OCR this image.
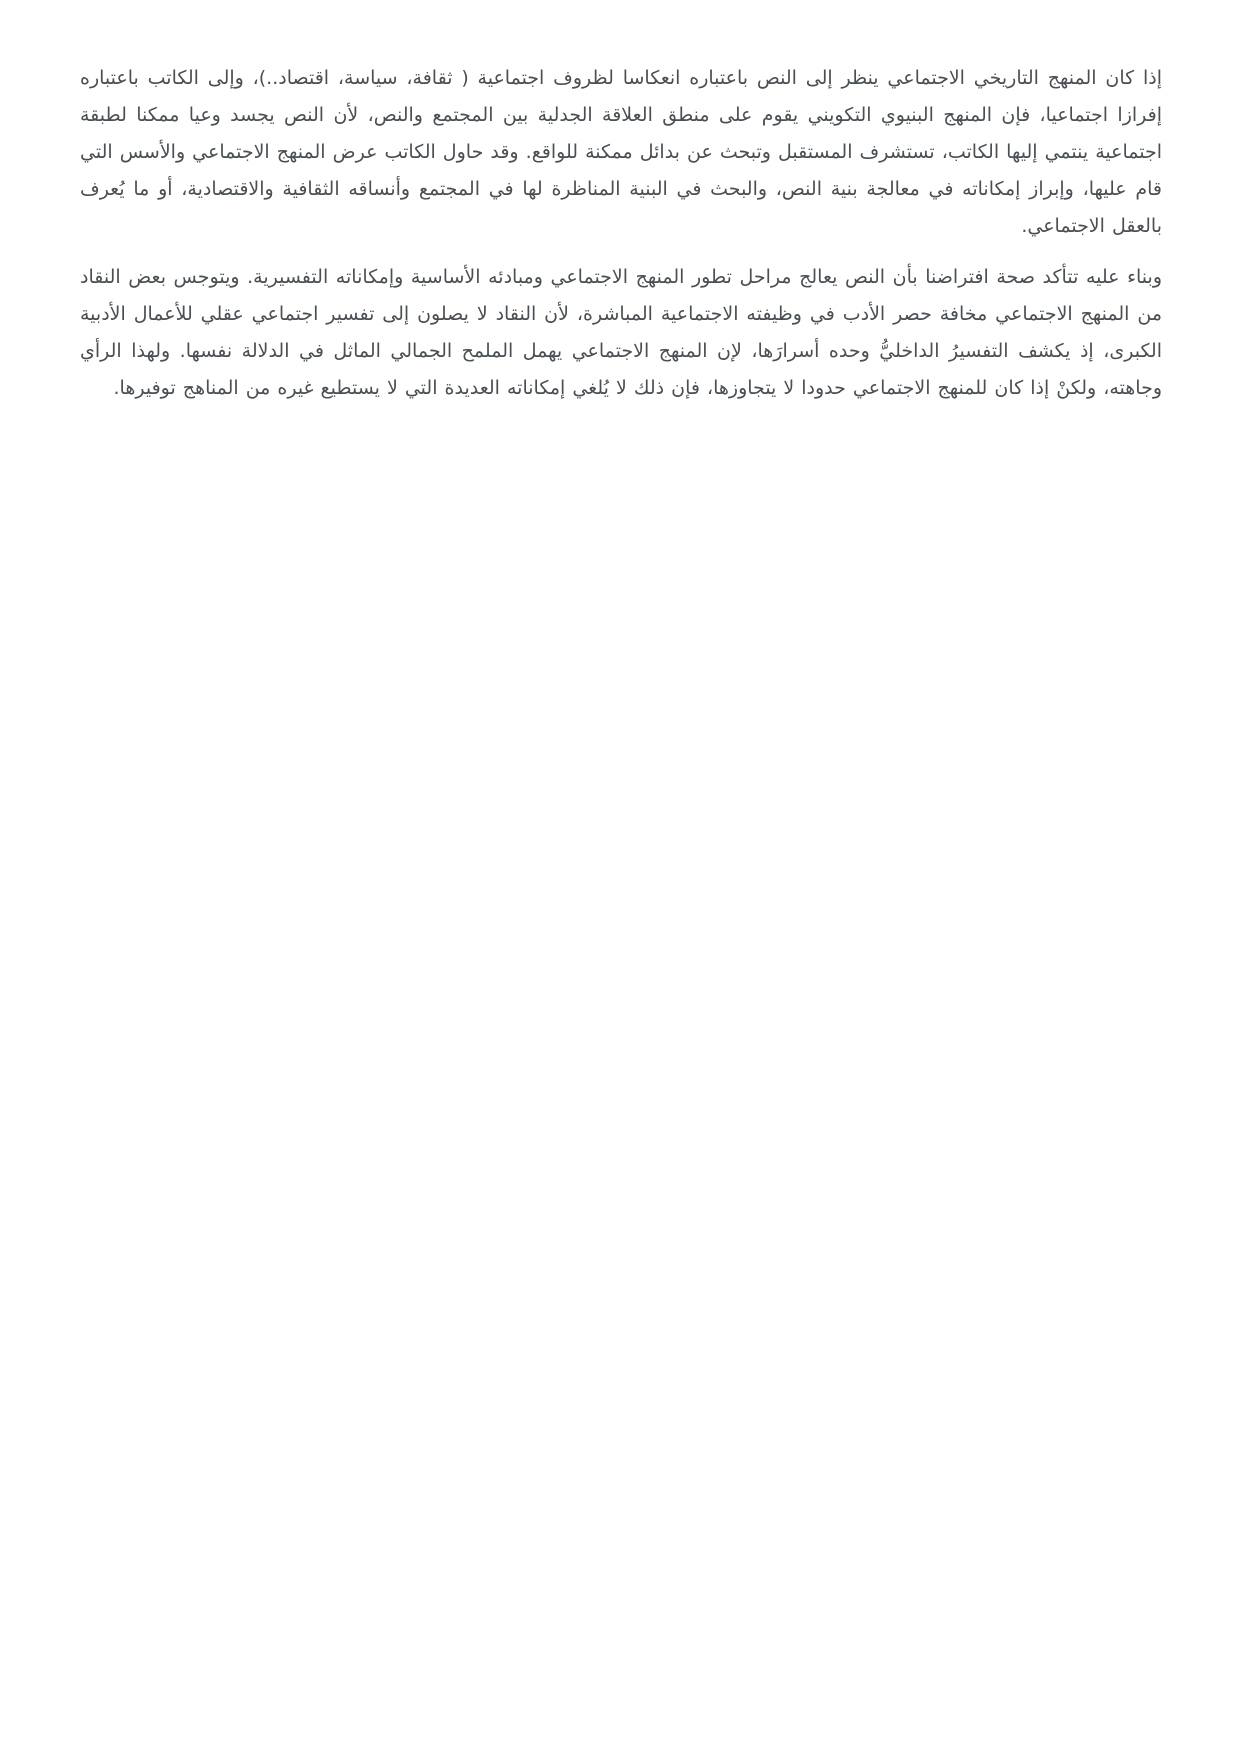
إذا كان المنهج التاريخي الاجتماعي ينظر إلى النص باعتباره انعكاسا لظروف اجتماعية ( ثقافة، سياسة، اقتصاد..)، وإلى الكاتب باعتباره إفرازا اجتماعيا، فإن المنهج البنيوي التكويني يقوم على منطق العلاقة الجدلية بين المجتمع والنص، لأن النص يجسد وعيا ممكنا لطبقة اجتماعية ينتمي إليها الكاتب، تستشرف المستقبل وتبحث عن بدائل ممكنة للواقع. وقد حاول الكاتب عرض المنهج الاجتماعي والأسس التي قام عليها، وإبراز إمكاناته في معالجة بنية النص، والبحث في البنية المناظرة لها في المجتمع وأنساقه الثقافية والاقتصادية، أو ما يُعرف بالعقل الاجتماعي.

وبناء عليه تتأكد صحة افتراضنا بأن النص يعالج مراحل تطور المنهج الاجتماعي ومبادئه الأساسية وإمكاناته التفسيرية. ويتوجس بعض النقاد من المنهج الاجتماعي مخافة حصر الأدب في وظيفته الاجتماعية المباشرة، لأن النقاد لا يصلون إلى تفسير اجتماعي عقلي للأعمال الأدبية الكبرى، إذ يكشف التفسيرُ الداخليُّ وحده أسرارَها، لإن المنهج الاجتماعي يهمل الملمح الجمالي الماثل في الدلالة نفسها. ولهذا الرأي وجاهته، ولكنْ إذا كان للمنهج الاجتماعي حدودا لا يتجاوزها، فإن ذلك لا يُلغي إمكاناته العديدة التي لا يستطيع غيره من المناهج توفيرها.
